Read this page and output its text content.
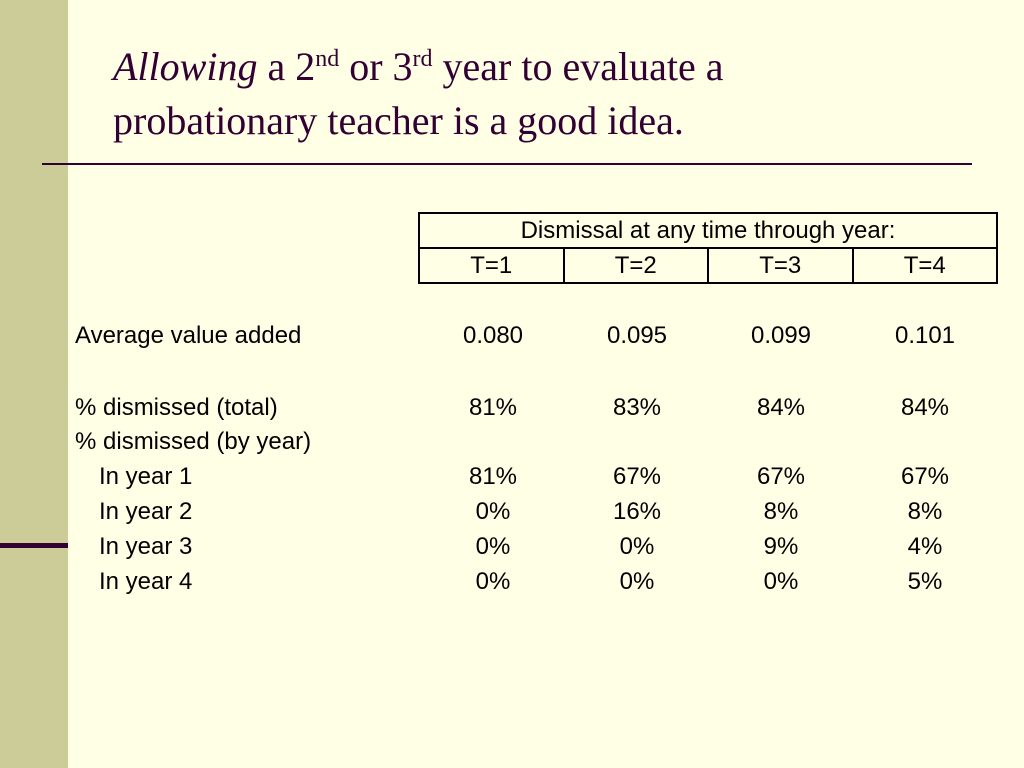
Allowing a 2nd or 3rd year to evaluate a
probationary teacher is a good idea.
Dismissal at any time through year:
T=1	T=2	T=3	T=4
Average value added	0.080	0.095	0.099	0.101
% dismissed (total)	81%	83%	84%	84%
% dismissed (by year)
In year 1	81%	67%	67%	67%
In year 2	0%	16%	8%	8%
In year 3	0%	0%	9%	4%
In year 4	0%	0%	0%	5%
